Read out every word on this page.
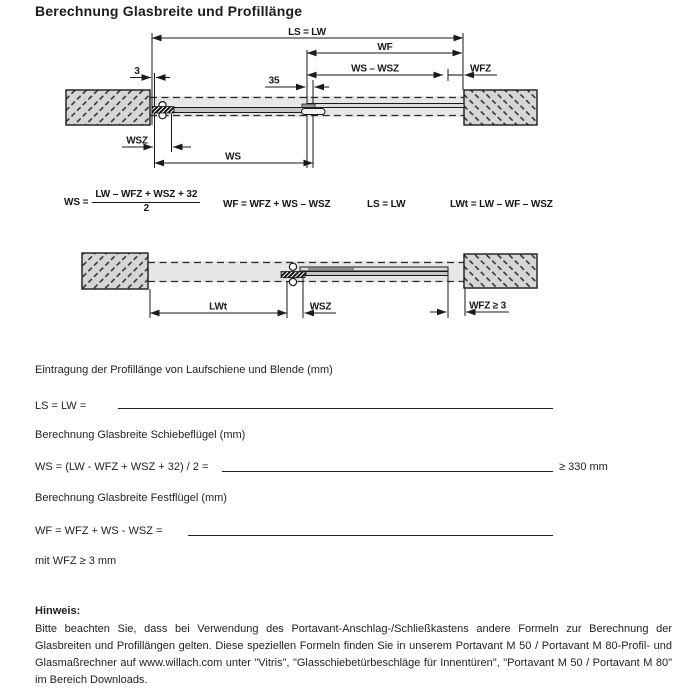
Berechnung Glasbreite und Profillänge
LS = LW
WF
WS – WSZ	WFZ
3
35
WSZ
WS
WS = $\frac{\text{LW – WFZ + WSZ + 32}}{2}$ WF = WFZ + WS – WSZ	LS = LW	LWt = LW – WF – WSZ
LWt	WSZ	WFZ ≥ 3
Eintragung der Profillänge von Laufschiene und Blende (mm)
LS = LW =
Berechnung Glasbreite Schiebeflügel (mm)
WS = (LW - WFZ + WSZ + 32) / 2 =	≥ 330 mm
Berechnung Glasbreite Festflügel (mm)
WF = WFZ + WS - WSZ =
mit WFZ ≥ 3 mm
Hinweis:
Bitte beachten Sie, dass bei Verwendung des Portavant-Anschlag-/Schließkastens andere Formeln zur Berechnung der Glasbreiten und Profillängen gelten. Diese speziellen Formeln finden Sie in unserem Portavant M 50 / Portavant M 80-Profil- und Glasmaßrechner auf www.willach.com unter "Vitris", "Glasschiebetürbeschläge für Innentüren", "Portavant M 50 / Portavant M 80" im Bereich Downloads.
